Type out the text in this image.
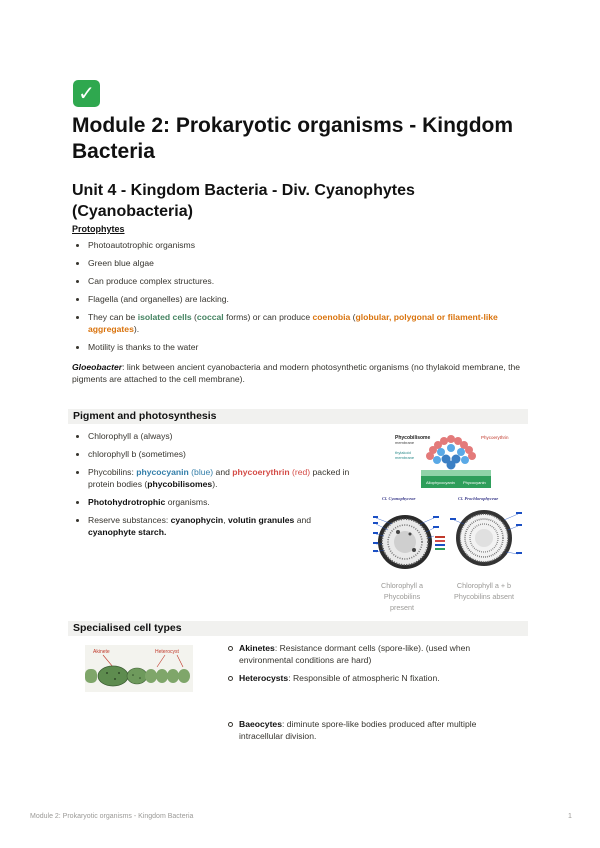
✓
Module 2: Prokaryotic organisms - Kingdom Bacteria
Unit 4 - Kingdom Bacteria - Div. Cyanophytes (Cyanobacteria)
Protophytes
Photoautotrophic organisms
Green blue algae
Can produce complex structures.
Flagella (and organelles) are lacking.
They can be isolated cells (coccal forms) or can produce coenobia (globular, polygonal or filament-like aggregates).
Motility is thanks to the water
Gloeobacter: link between ancient cyanobacteria and modern photosynthetic organisms (no thylakoid membrane, the pigments are attached to the cell membrane).
Pigment and photosynthesis
Chlorophyll a (always)
chlorophyll b (sometimes)
Phycobilins: phycocyanin (blue) and phycoerythrin (red) packed in protein bodies (phycobilisomes).
Photohydrotrophic organisms.
Reserve substances: cyanophycin, volutin granules and cyanophyte starch.
Phycobilisome
membrane
thylakoid
membrane
Phycoerythrin
Allophycocyanin Phycocyanin
Cl. Cyanophyceae	Cl. Prochlorophyceae
Chlorophyll a
Phycobilins present
Chlorophyll a + b
Phycobilins absent
Specialised cell types
Akinete	Heterocyst	Akinetes: Resistance dormant cells (spore-like). (used when environmental conditions are hard)
Heterocysts: Responsible of atmospheric N fixation.
Baeocytes: diminute spore-like bodies produced after multiple intracellular division.
Module 2: Prokaryotic organisms - Kingdom Bacteria	1
